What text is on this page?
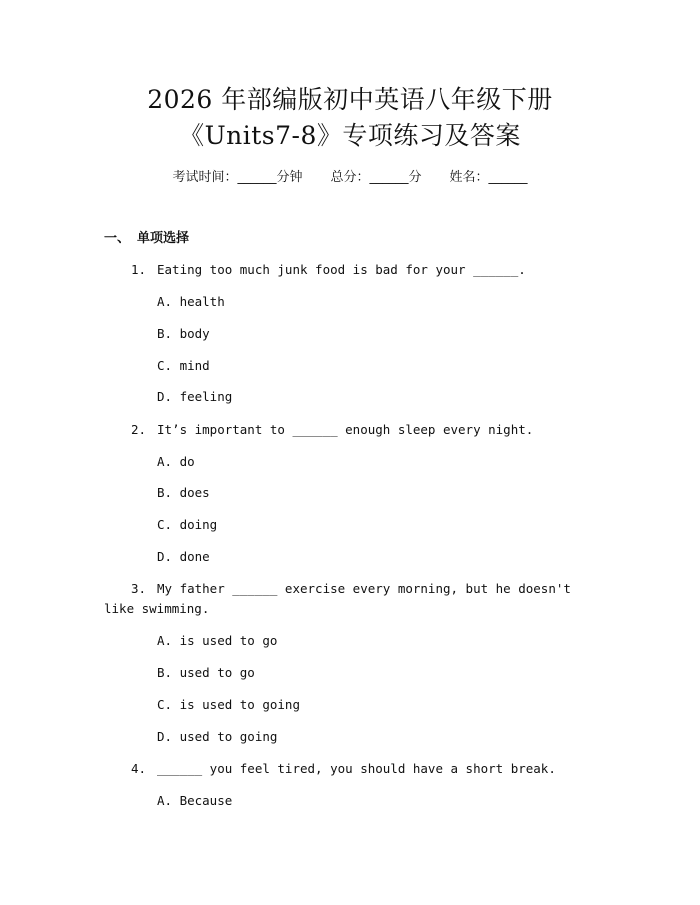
2026 年部编版初中英语八年级下册
《Units7-8》专项练习及答案
考试时间：______分钟 总分：______分 姓名：______
一、 单项选择
1. Eating too much junk food is bad for your ______.
A. health
B. body
C. mind
D. feeling
2. It’s important to ______ enough sleep every night.
A. do
B. does
C. doing
D. done
3. My father ______ exercise every morning, but he doesn't like swimming.
A. is used to go
B. used to go
C. is used to going
D. used to going
4. ______ you feel tired, you should have a short break.
A. Because
